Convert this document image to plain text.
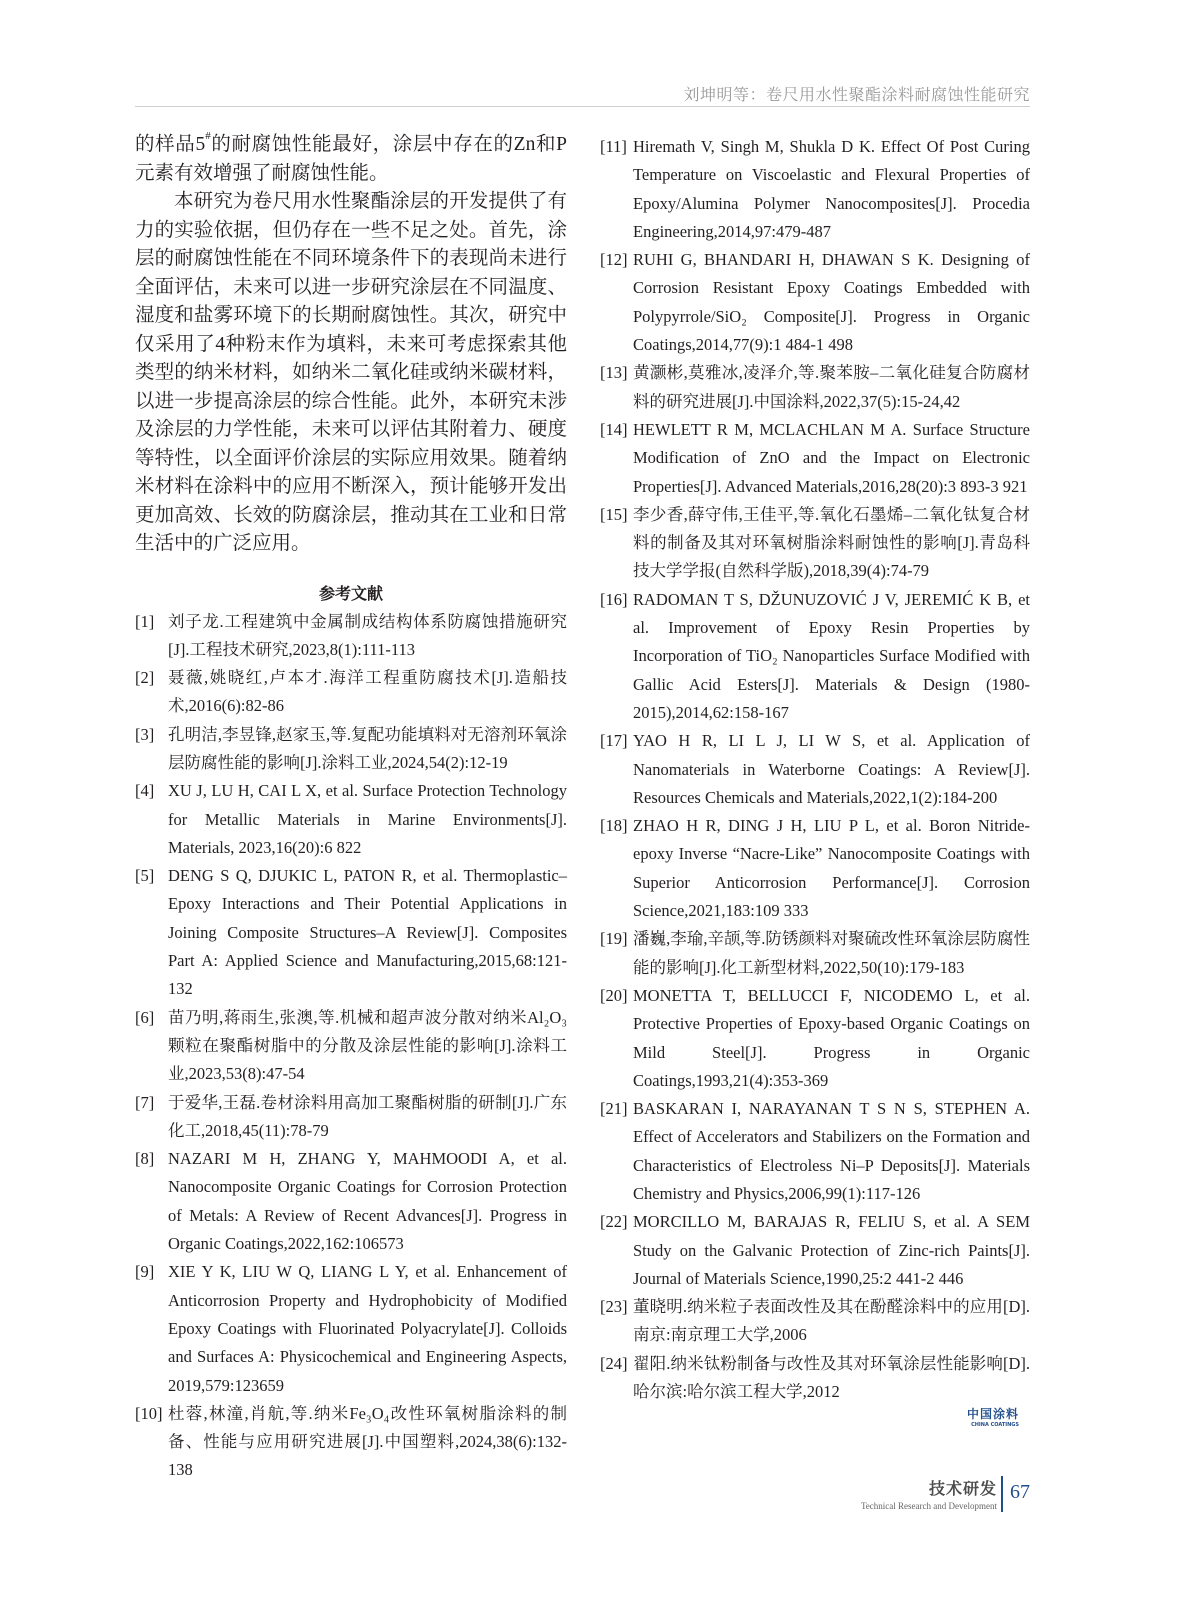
刘坤明等：卷尺用水性聚酯涂料耐腐蚀性能研究

的样品5#的耐腐蚀性能最好，涂层中存在的Zn和P元素有效增强了耐腐蚀性能。

本研究为卷尺用水性聚酯涂层的开发提供了有力的实验依据，但仍存在一些不足之处。首先，涂层的耐腐蚀性能在不同环境条件下的表现尚未进行全面评估，未来可以进一步研究涂层在不同温度、湿度和盐雾环境下的长期耐腐蚀性。其次，研究中仅采用了4种粉末作为填料，未来可考虑探索其他类型的纳米材料，如纳米二氧化硅或纳米碳材料，以进一步提高涂层的综合性能。此外，本研究未涉及涂层的力学性能，未来可以评估其附着力、硬度等特性，以全面评价涂层的实际应用效果。随着纳米材料在涂料中的应用不断深入，预计能够开发出更加高效、长效的防腐涂层，推动其在工业和日常生活中的广泛应用。

参考文献
[1] 刘子龙.工程建筑中金属制成结构体系防腐蚀措施研究[J].工程技术研究,2023,8(1):111-113
[2] 聂薇,姚晓红,卢本才.海洋工程重防腐技术[J].造船技术,2016(6):82-86
[3] 孔明洁,李昱锋,赵家玉,等.复配功能填料对无溶剂环氧涂层防腐性能的影响[J].涂料工业,2024,54(2):12-19
[4] XU J, LU H, CAI L X, et al. Surface Protection Technology for Metallic Materials in Marine Environments[J]. Materials, 2023,16(20):6 822
[5] DENG S Q, DJUKIC L, PATON R, et al. Thermoplastic–Epoxy Interactions and Their Potential Applications in Joining Composite Structures–A Review[J]. Composites Part A: Applied Science and Manufacturing,2015,68:121-132
[6] 苗乃明,蒋雨生,张澳,等.机械和超声波分散对纳米Al₂O₃颗粒在聚酯树脂中的分散及涂层性能的影响[J].涂料工业,2023,53(8):47-54
[7] 于爱华,王磊.卷材涂料用高加工聚酯树脂的研制[J].广东化工,2018,45(11):78-79
[8] NAZARI M H, ZHANG Y, MAHMOODI A, et al. Nanocomposite Organic Coatings for Corrosion Protection of Metals: A Review of Recent Advances[J]. Progress in Organic Coatings,2022,162:106573
[9] XIE Y K, LIU W Q, LIANG L Y, et al. Enhancement of Anticorrosion Property and Hydrophobicity of Modified Epoxy Coatings with Fluorinated Polyacrylate[J]. Colloids and Surfaces A: Physicochemical and Engineering Aspects, 2019,579:123659
[10] 杜蓉,林潼,肖航,等.纳米Fe₃O₄改性环氧树脂涂料的制备、性能与应用研究进展[J].中国塑料,2024,38(6):132-138
[11] Hiremath V, Singh M, Shukla D K. Effect Of Post Curing Temperature on Viscoelastic and Flexural Properties of Epoxy/Alumina Polymer Nanocomposites[J]. Procedia Engineering,2014,97:479-487
[12] RUHI G, BHANDARI H, DHAWAN S K. Designing of Corrosion Resistant Epoxy Coatings Embedded with Polypyrrole/SiO₂ Composite[J]. Progress in Organic Coatings,2014,77(9):1 484-1 498
[13] 黄灏彬,莫雅冰,凌泽介,等.聚苯胺–二氧化硅复合防腐材料的研究进展[J].中国涂料,2022,37(5):15-24,42
[14] HEWLETT R M, MCLACHLAN M A. Surface Structure Modification of ZnO and the Impact on Electronic Properties[J]. Advanced Materials,2016,28(20):3 893-3 921
[15] 李少香,薛守伟,王佳平,等.氧化石墨烯–二氧化钛复合材料的制备及其对环氧树脂涂料耐蚀性的影响[J].青岛科技大学学报(自然科学版),2018,39(4):74-79
[16] RADOMAN T S, DŽUNUZOVIĆ J V, JEREMIĆ K B, et al. Improvement of Epoxy Resin Properties by Incorporation of TiO₂ Nanoparticles Surface Modified with Gallic Acid Esters[J]. Materials & Design (1980-2015),2014,62:158-167
[17] YAO H R, LI L J, LI W S, et al. Application of Nanomaterials in Waterborne Coatings: A Review[J]. Resources Chemicals and Materials,2022,1(2):184-200
[18] ZHAO H R, DING J H, LIU P L, et al. Boron Nitride-epoxy Inverse “Nacre-Like” Nanocomposite Coatings with Superior Anticorrosion Performance[J]. Corrosion Science,2021,183:109 333
[19] 潘巍,李瑜,辛颉,等.防锈颜料对聚硫改性环氧涂层防腐性能的影响[J].化工新型材料,2022,50(10):179-183
[20] MONETTA T, BELLUCCI F, NICODEMO L, et al. Protective Properties of Epoxy-based Organic Coatings on Mild Steel[J]. Progress in Organic Coatings,1993,21(4):353-369
[21] BASKARAN I, NARAYANAN T S N S, STEPHEN A. Effect of Accelerators and Stabilizers on the Formation and Characteristics of Electroless Ni–P Deposits[J]. Materials Chemistry and Physics,2006,99(1):117-126
[22] MORCILLO M, BARAJAS R, FELIU S, et al. A SEM Study on the Galvanic Protection of Zinc-rich Paints[J]. Journal of Materials Science,1990,25:2 441-2 446
[23] 董晓明.纳米粒子表面改性及其在酚醛涂料中的应用[D].南京:南京理工大学,2006
[24] 翟阳.纳米钛粉制备与改性及其对环氧涂层性能影响[D].哈尔滨:哈尔滨工程大学,2012
中国涂料
CHINA COATINGS
技术研发
Technical Research and Development
67
